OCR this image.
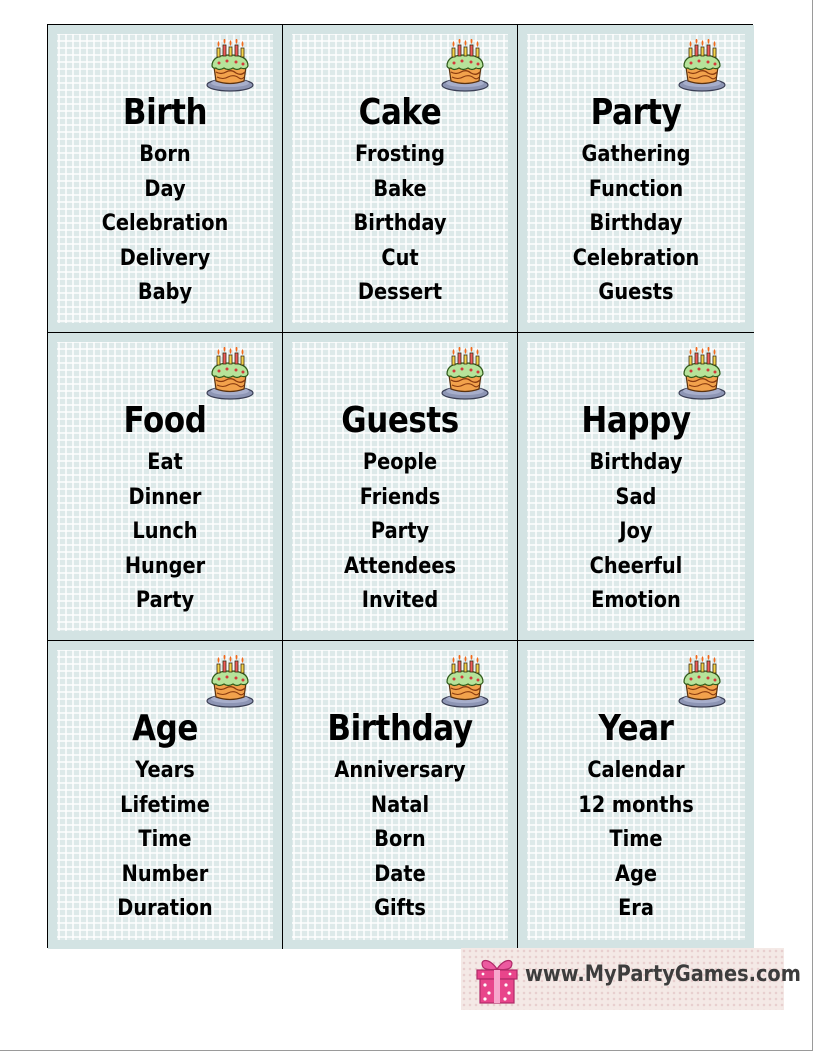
Birth
Born
Day
Celebration
Delivery
Baby
Cake
Frosting
Bake
Birthday
Cut
Dessert
Party
Gathering
Function
Birthday
Celebration
Guests
Food
Eat
Dinner
Lunch
Hunger
Party
Guests
People
Friends
Party
Attendees
Invited
Happy
Birthday
Sad
Joy
Cheerful
Emotion
Age
Years
Lifetime
Time
Number
Duration
Birthday
Anniversary
Natal
Born
Date
Gifts
Year
Calendar
12 months
Time
Age
Era
www.MyPartyGames.com
